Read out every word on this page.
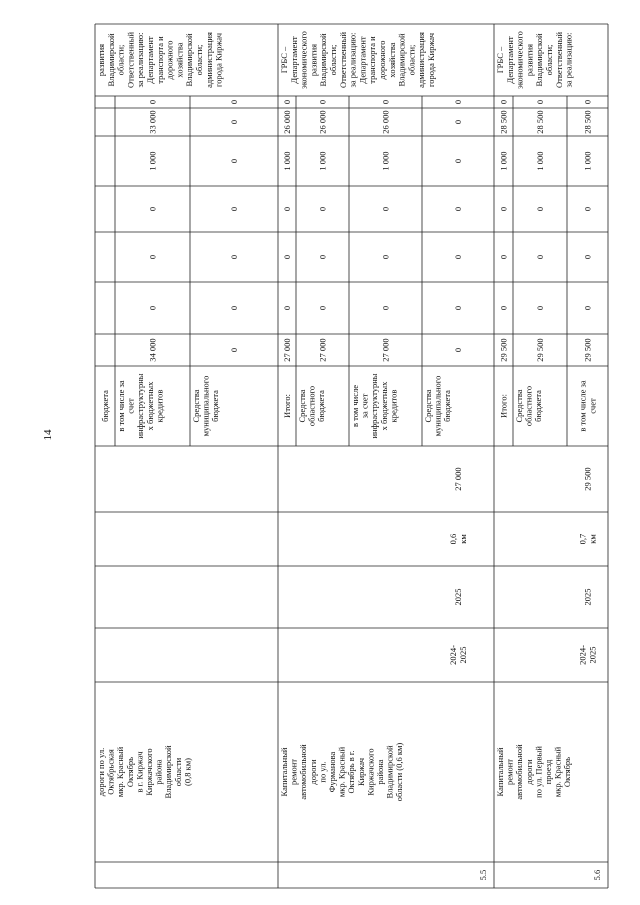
14
дороги по ул.Октябрьскаямкр. КрасныйОктябрьв г. КиржачКиржачскогорайонаВладимирскойобласти(0,8 км)
бюджета в том числе засчетинфраструктурных бюджетныхкредитов
34 000
0
0
0
1 000
33 000
0
Средствамуниципальногобюджета
0
0
0
0
0
0
0
развитияВладимирскойобласти;Ответственныйза реализацию:Департаменттранспорта идорожногохозяйстваВладимирскойобласти;администрациягорода Киржач
5.5
Капитальныйремонтавтомобильнойдорогипо ул.Фурмановамкр. КрасныйОктябрь в г.КиржачКиржачскогорайонаВладимирскойобласти (0,6 км)
2024-2025
2025
0,6км
27 000
Итого:
27 000
0
0
0
1 000
26 000
0
Средстваобластногобюджета
27 000
0
0
0
1 000
26 000
0
в том числеза счетинфраструктурных бюджетныхкредитов
27 000
0
0
0
1 000
26 000
0
Средствамуниципальногобюджета
0
0
0
0
0
0
0
ГРБС –ДепартаментэкономическогоразвитияВладимирскойобласти;Ответственныйза реализацию:Департаменттранспорта идорожногохозяйстваВладимирскойобласти;администрациягорода Киржач
5.6
Капитальныйремонтавтомобильнойдорогипо ул. Первыйпроездмкр. КрасныйОктябрь
2024-2025
2025
0,7км
29 500
Итого:
29 500
0
0
0
1 000
28 500
0
Средстваобластногобюджета
29 500
0
0
0
1 000
28 500
0
в том числе засчет
29 500
0
0
0
1 000
28 500
0
ГРБС –ДепартаментэкономическогоразвитияВладимирскойобласти;Ответственныйза реализацию:
